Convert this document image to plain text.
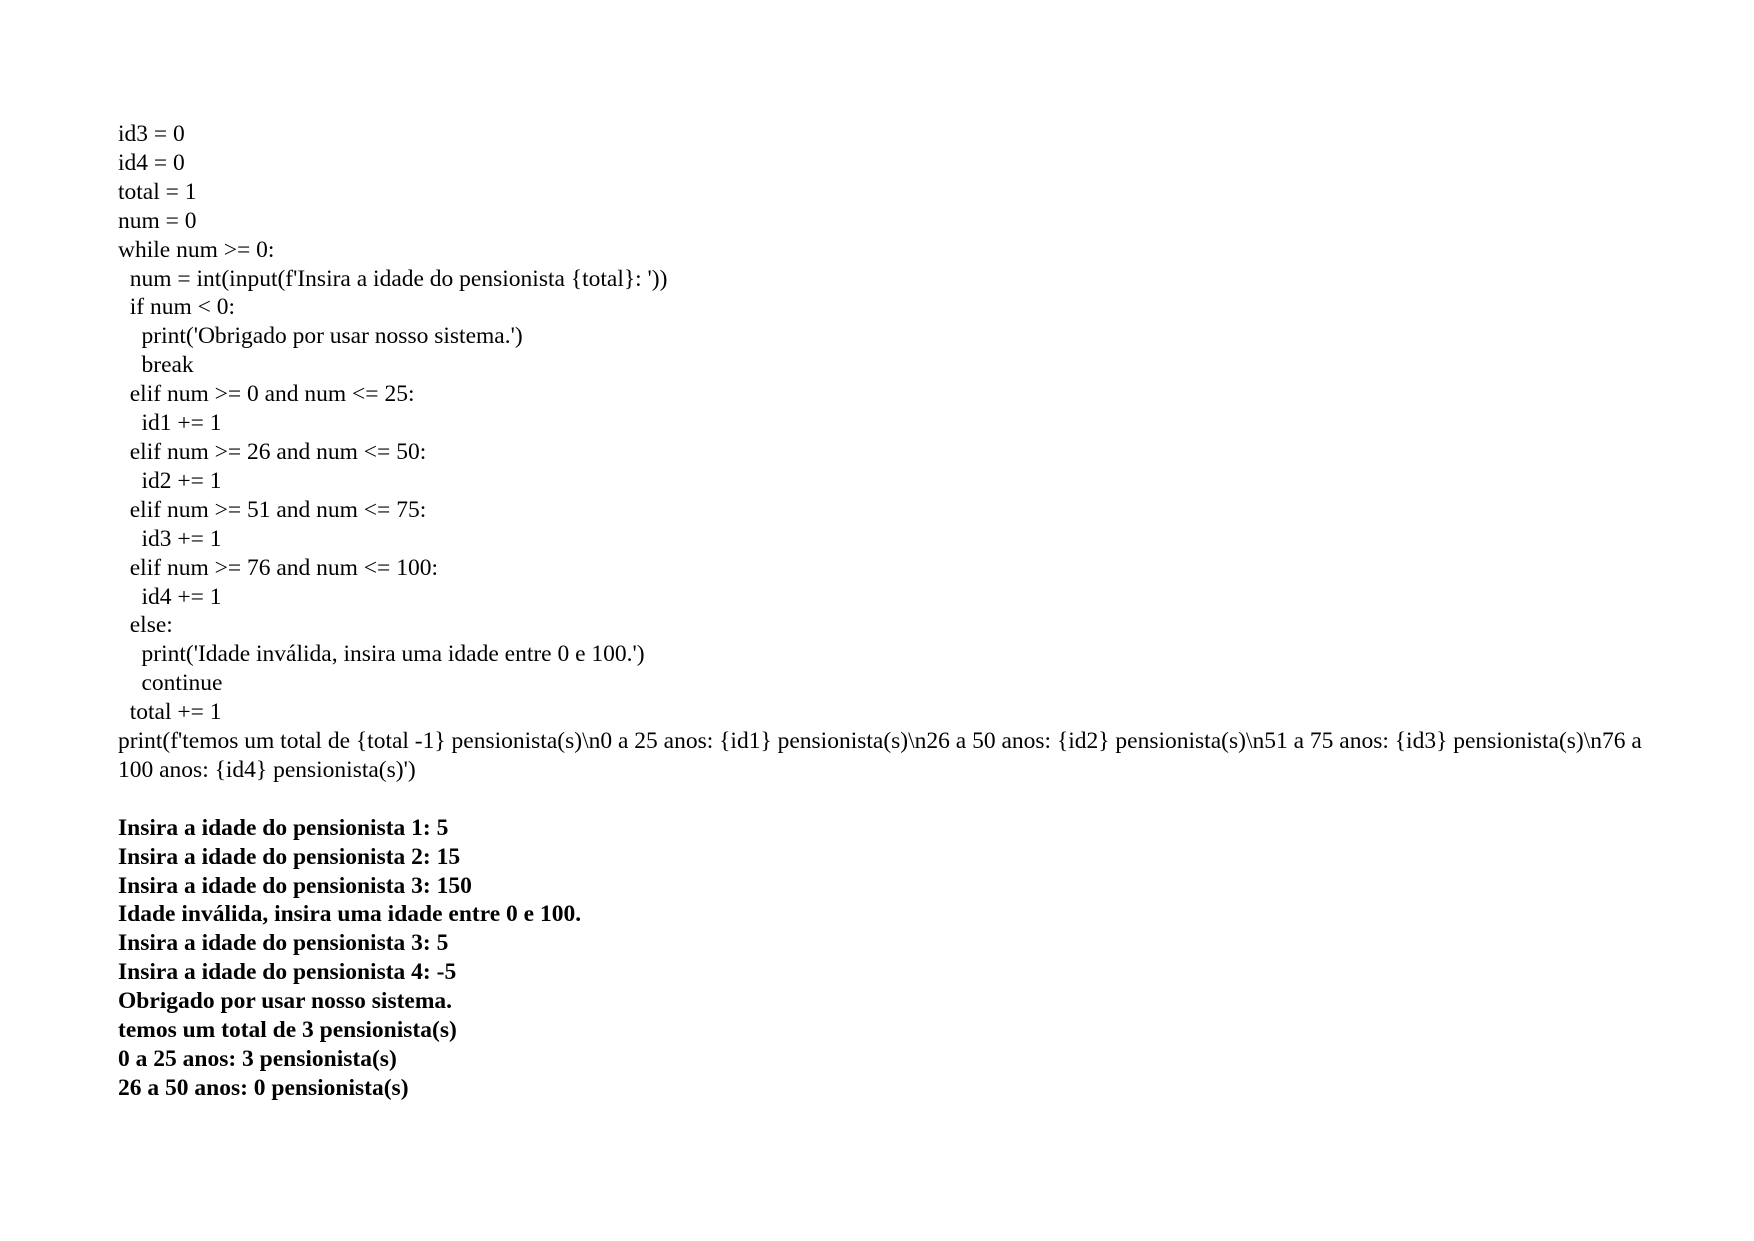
id3 = 0
id4 = 0
total = 1
num = 0
while num >= 0:
num = int(input(f'Insira a idade do pensionista {total}: '))
if num < 0:
print('Obrigado por usar nosso sistema.')
break
elif num >= 0 and num <= 25:
id1 += 1
elif num >= 26 and num <= 50:
id2 += 1
elif num >= 51 and num <= 75:
id3 += 1
elif num >= 76 and num <= 100:
id4 += 1
else:
print('Idade inválida, insira uma idade entre 0 e 100.')
continue
total += 1
print(f'temos um total de {total -1} pensionista(s)\n0 a 25 anos: {id1} pensionista(s)\n26 a 50 anos: {id2} pensionista(s)\n51 a 75 anos: {id3} pensionista(s)\n76 a 100 anos: {id4} pensionista(s)')
Insira a idade do pensionista 1: 5
Insira a idade do pensionista 2: 15
Insira a idade do pensionista 3: 150
Idade inválida, insira uma idade entre 0 e 100.
Insira a idade do pensionista 3: 5
Insira a idade do pensionista 4: -5
Obrigado por usar nosso sistema.
temos um total de 3 pensionista(s)
0 a 25 anos: 3 pensionista(s)
26 a 50 anos: 0 pensionista(s)
